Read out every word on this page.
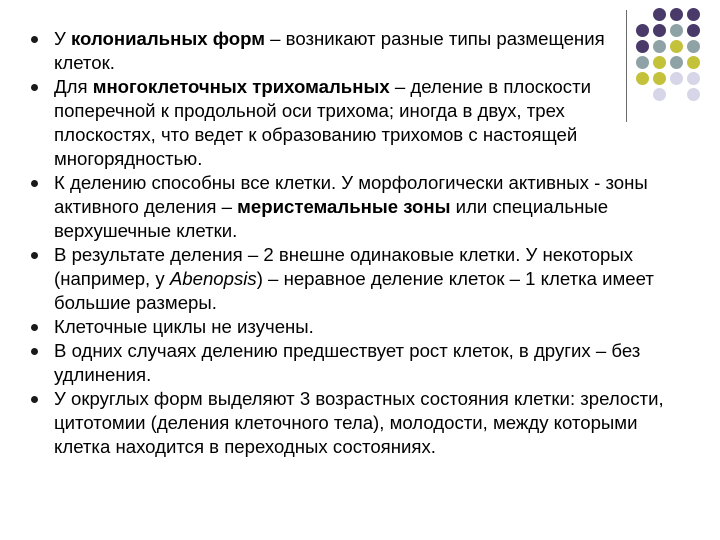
У колониальных форм – возникают разные типы размещения клеток.
Для многоклеточных трихомальных – деление в плоскости поперечной к продольной оси трихома; иногда в двух, трех плоскостях, что ведет к образованию трихомов с настоящей многорядностью.
К делению способны все клетки. У морфологически активных - зоны активного деления – меристемальные зоны или специальные верхушечные клетки.
В результате деления – 2 внешне одинаковые клетки. У некоторых (например, у Abenopsis) – неравное деление клеток – 1 клетка имеет большие размеры.
Клеточные циклы не изучены.
В одних случаях делению предшествует рост клеток, в других – без удлинения.
У округлых форм выделяют 3 возрастных состояния клетки: зрелости, цитотомии (деления клеточного тела), молодости, между которыми клетка находится в переходных состояниях.
